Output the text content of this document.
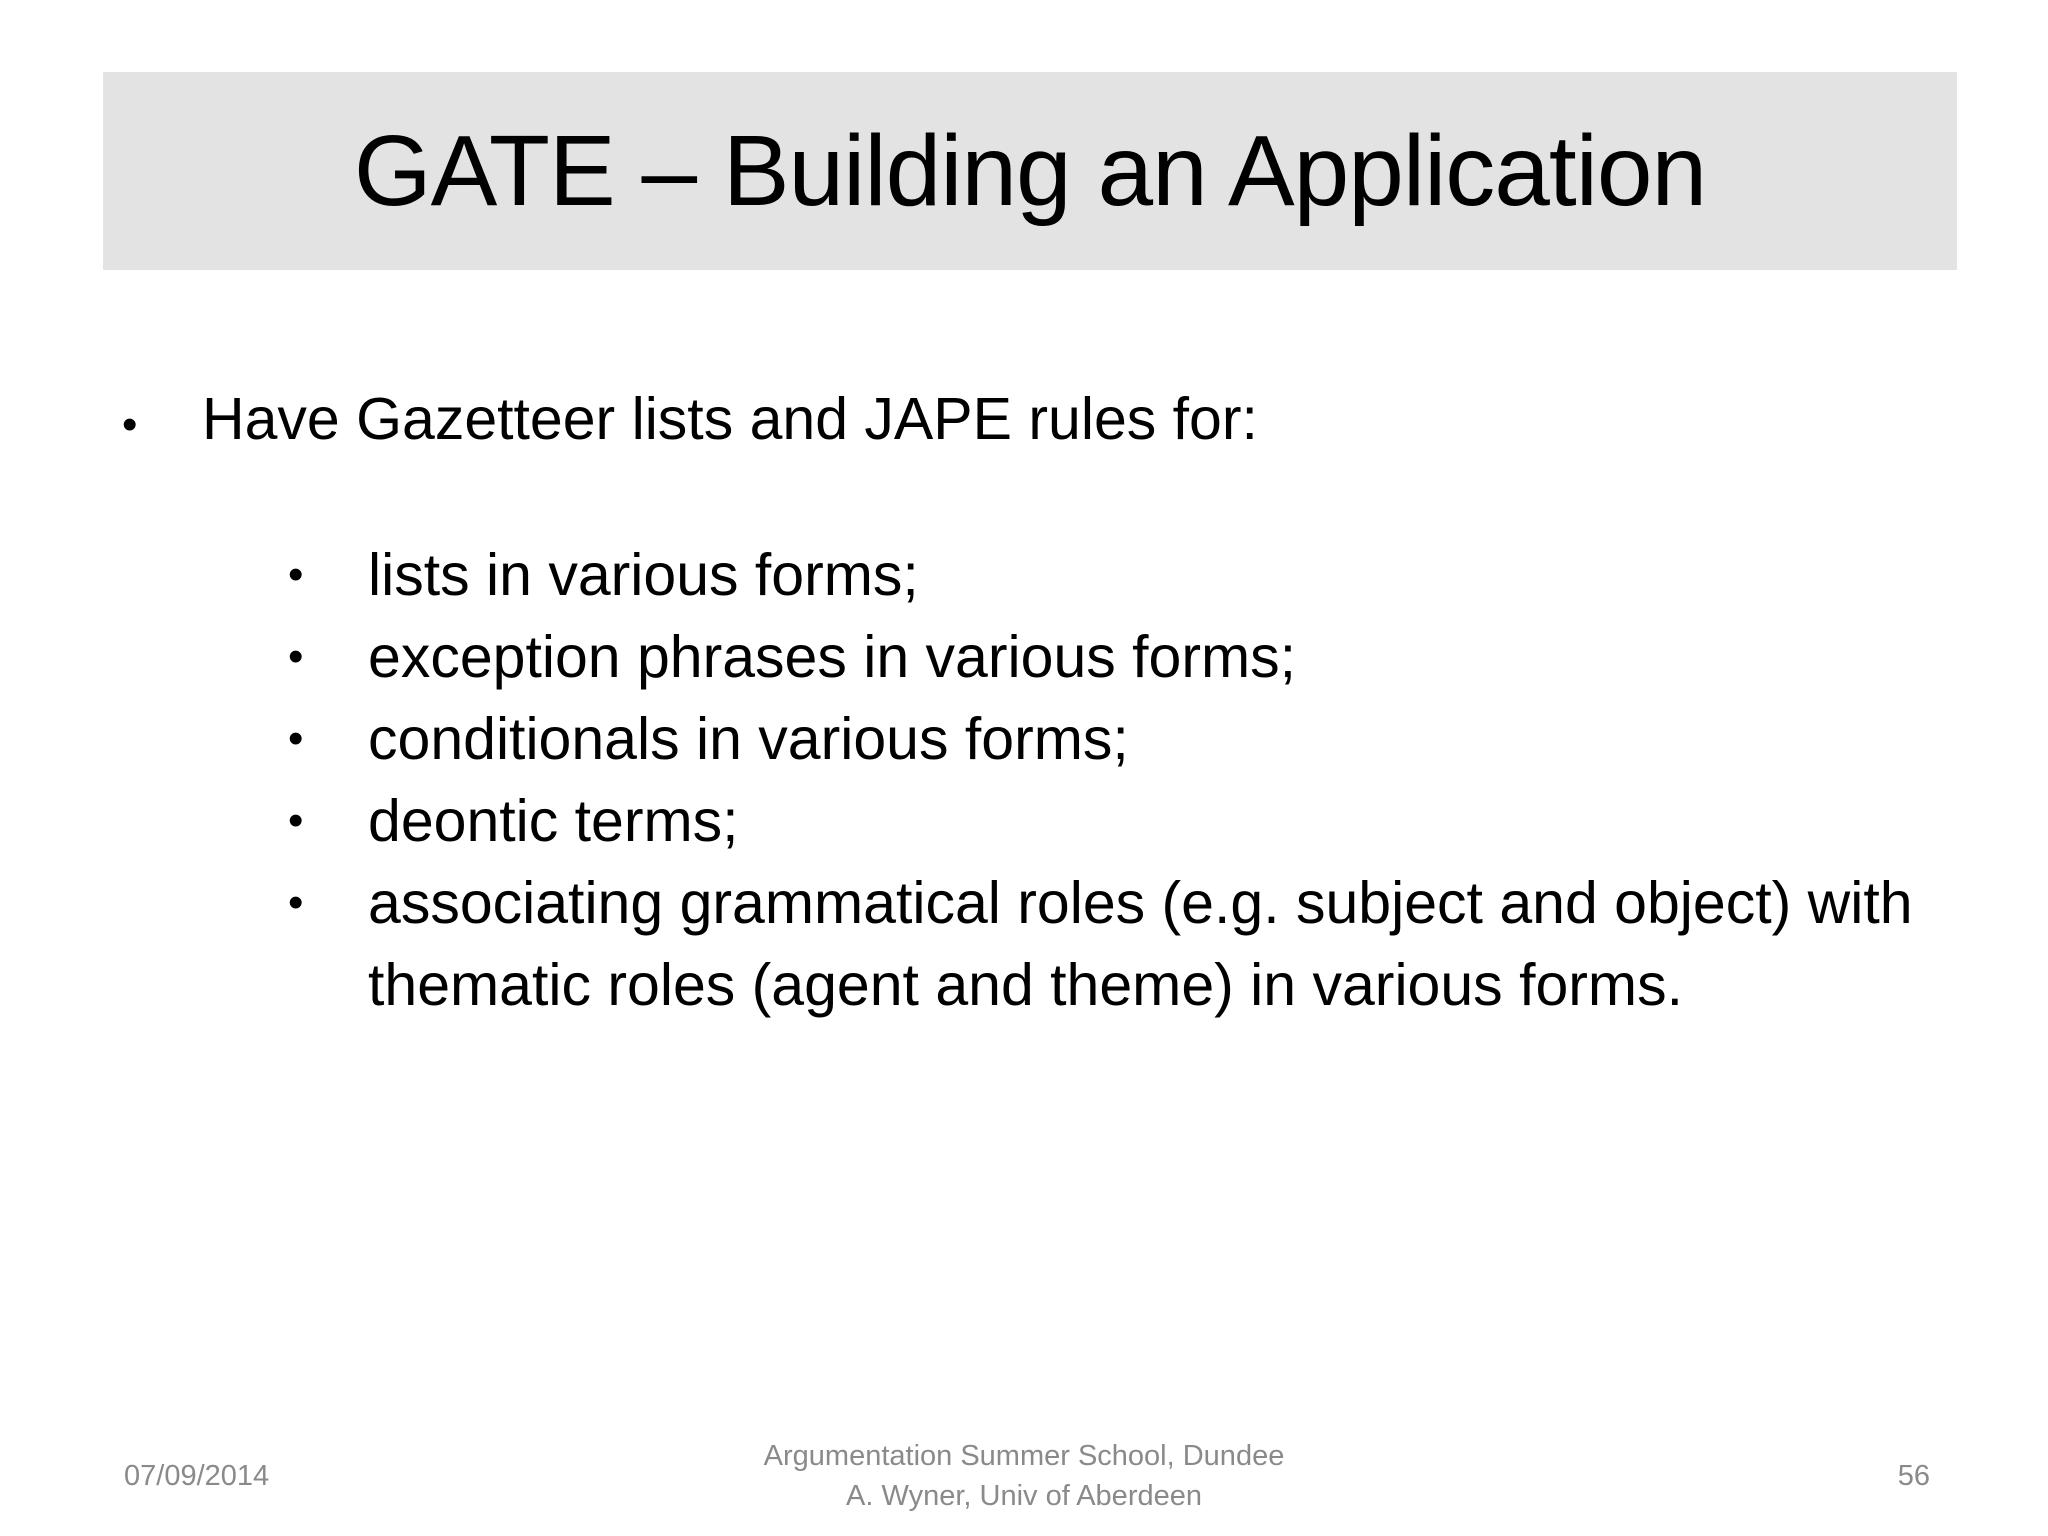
GATE – Building an Application
•	Have Gazetteer lists and JAPE rules for:
•	lists in various forms;
•	exception phrases in various forms;
•	conditionals in various forms;
•	deontic terms;
•	associating grammatical roles (e.g. subject and object) with thematic roles (agent and theme) in various forms.
07/09/2014
Argumentation Summer School, Dundee
A. Wyner, Univ of Aberdeen
56
